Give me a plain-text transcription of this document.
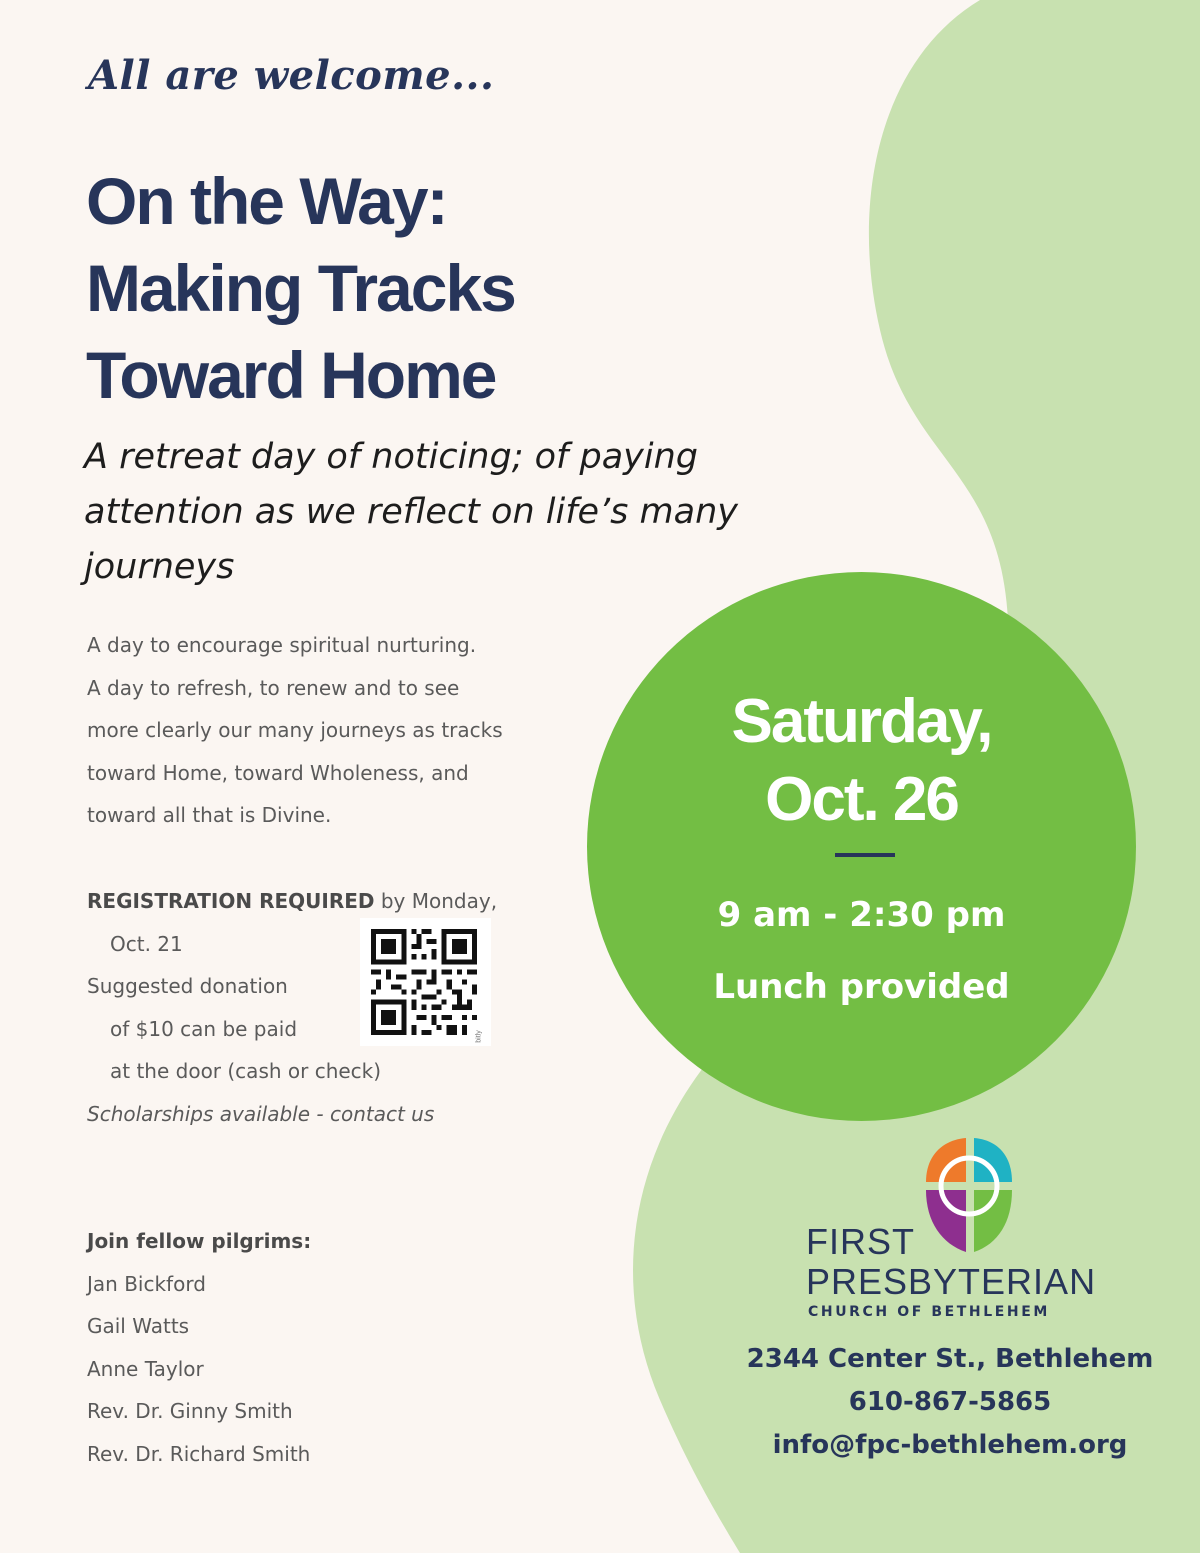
All are welcome...
On the Way:
Making Tracks
Toward Home
A retreat day of noticing; of paying
attention as we reflect on life’s many
journeys
A day to encourage spiritual nurturing.
A day to refresh, to renew and to see
more clearly our many journeys as tracks
toward Home, toward Wholeness, and
toward all that is Divine.
REGISTRATION REQUIRED by Monday,
Oct. 21
Suggested donation
of $10 can be paid
at the door (cash or check)
Scholarships available - contact us
bitly
Join fellow pilgrims:
Jan Bickford
Gail Watts
Anne Taylor
Rev. Dr. Ginny Smith
Rev. Dr. Richard Smith
Saturday,
Oct. 26
9 am - 2:30 pm
Lunch provided
FIRST
PRESBYTERIAN
CHURCH OF BETHLEHEM
2344 Center St., Bethlehem
610-867-5865
info@fpc-bethlehem.org
